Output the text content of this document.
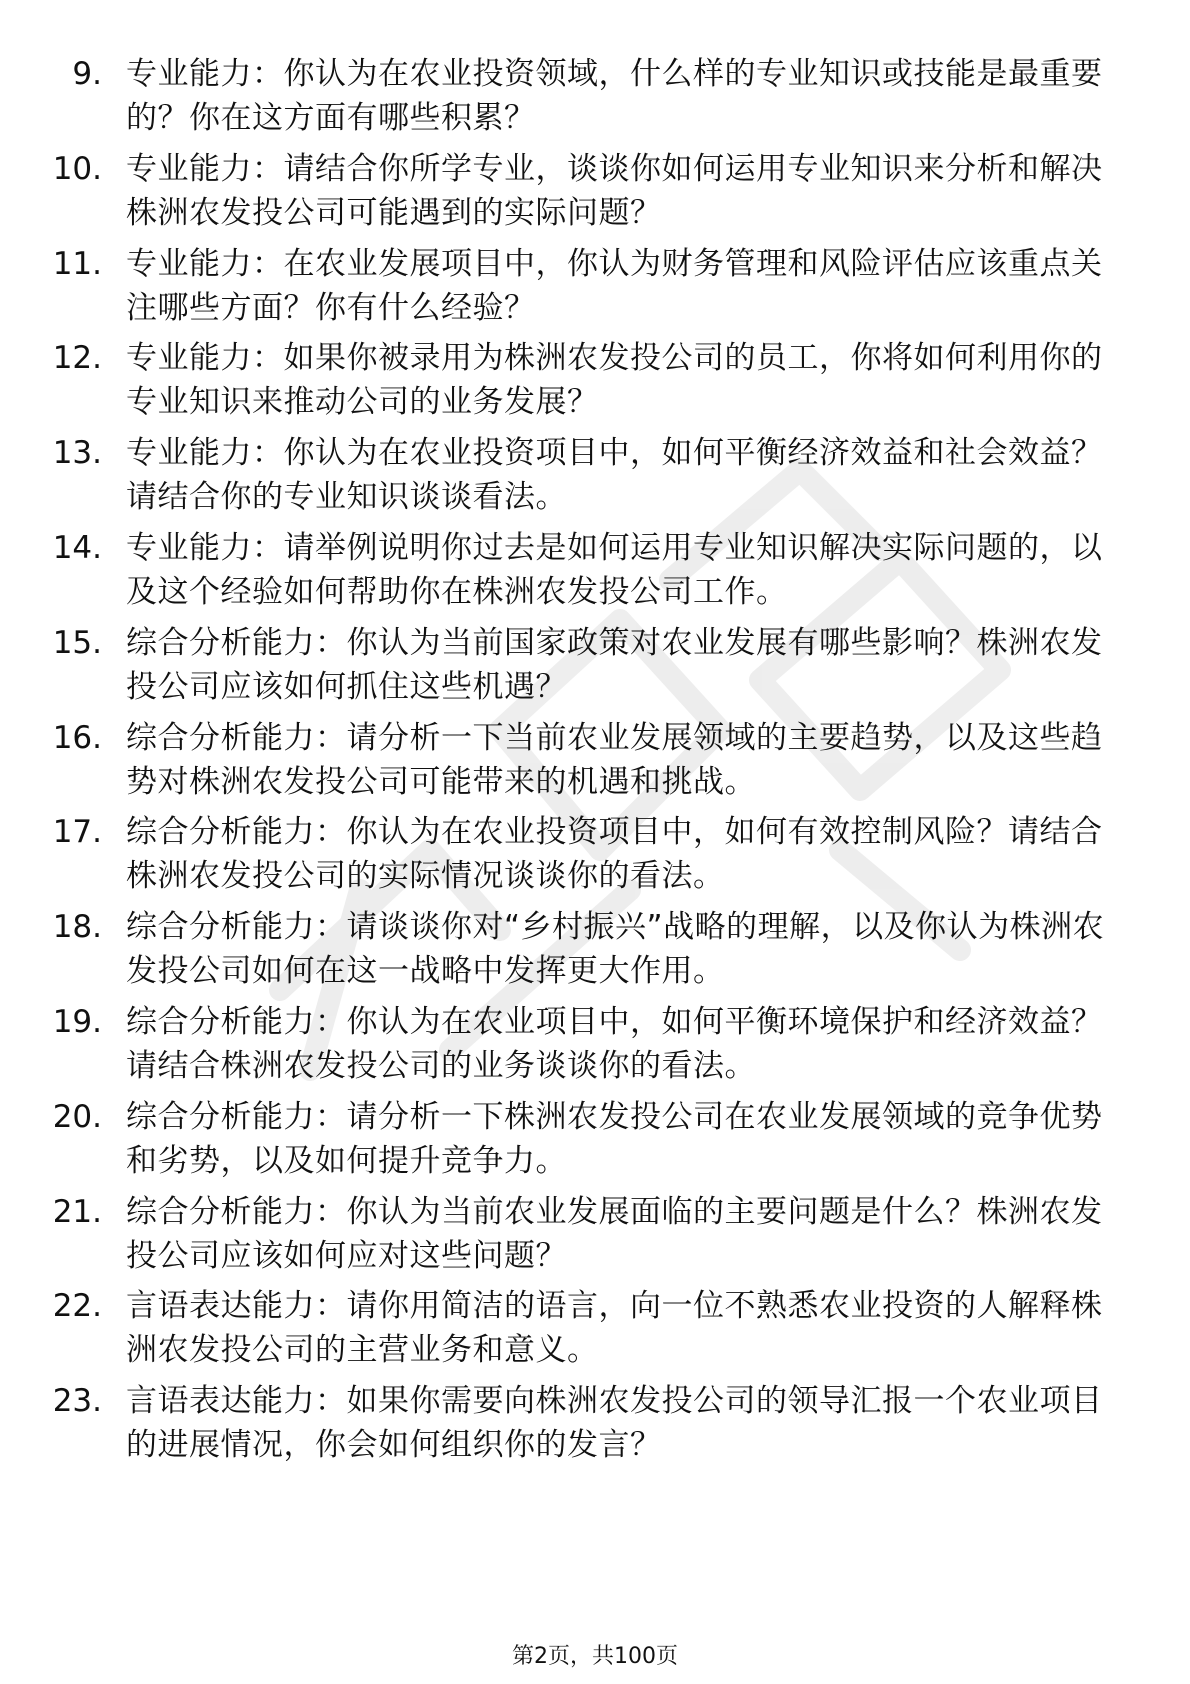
9. 专业能力：你认为在农业投资领域，什么样的专业知识或技能是最重要的？你在这方面有哪些积累？

10. 专业能力：请结合你所学专业，谈谈你如何运用专业知识来分析和解决株洲农发投公司可能遇到的实际问题？

11. 专业能力：在农业发展项目中，你认为财务管理和风险评估应该重点关注哪些方面？你有什么经验？

12. 专业能力：如果你被录用为株洲农发投公司的员工，你将如何利用你的专业知识来推动公司的业务发展？

13. 专业能力：你认为在农业投资项目中，如何平衡经济效益和社会效益？请结合你的专业知识谈谈看法。

14. 专业能力：请举例说明你过去是如何运用专业知识解决实际问题的，以及这个经验如何帮助你在株洲农发投公司工作。

15. 综合分析能力：你认为当前国家政策对农业发展有哪些影响？株洲农发投公司应该如何抓住这些机遇？

16. 综合分析能力：请分析一下当前农业发展领域的主要趋势，以及这些趋势对株洲农发投公司可能带来的机遇和挑战。

17. 综合分析能力：你认为在农业投资项目中，如何有效控制风险？请结合株洲农发投公司的实际情况谈谈你的看法。

18. 综合分析能力：请谈谈你对“乡村振兴”战略的理解，以及你认为株洲农发投公司如何在这一战略中发挥更大作用。

19. 综合分析能力：你认为在农业项目中，如何平衡环境保护和经济效益？请结合株洲农发投公司的业务谈谈你的看法。

20. 综合分析能力：请分析一下株洲农发投公司在农业发展领域的竞争优势和劣势，以及如何提升竞争力。

21. 综合分析能力：你认为当前农业发展面临的主要问题是什么？株洲农发投公司应该如何应对这些问题？

22. 言语表达能力：请你用简洁的语言，向一位不熟悉农业投资的人解释株洲农发投公司的主营业务和意义。

23. 言语表达能力：如果你需要向株洲农发投公司的领导汇报一个农业项目的进展情况，你会如何组织你的发言？

第2页，共100页
